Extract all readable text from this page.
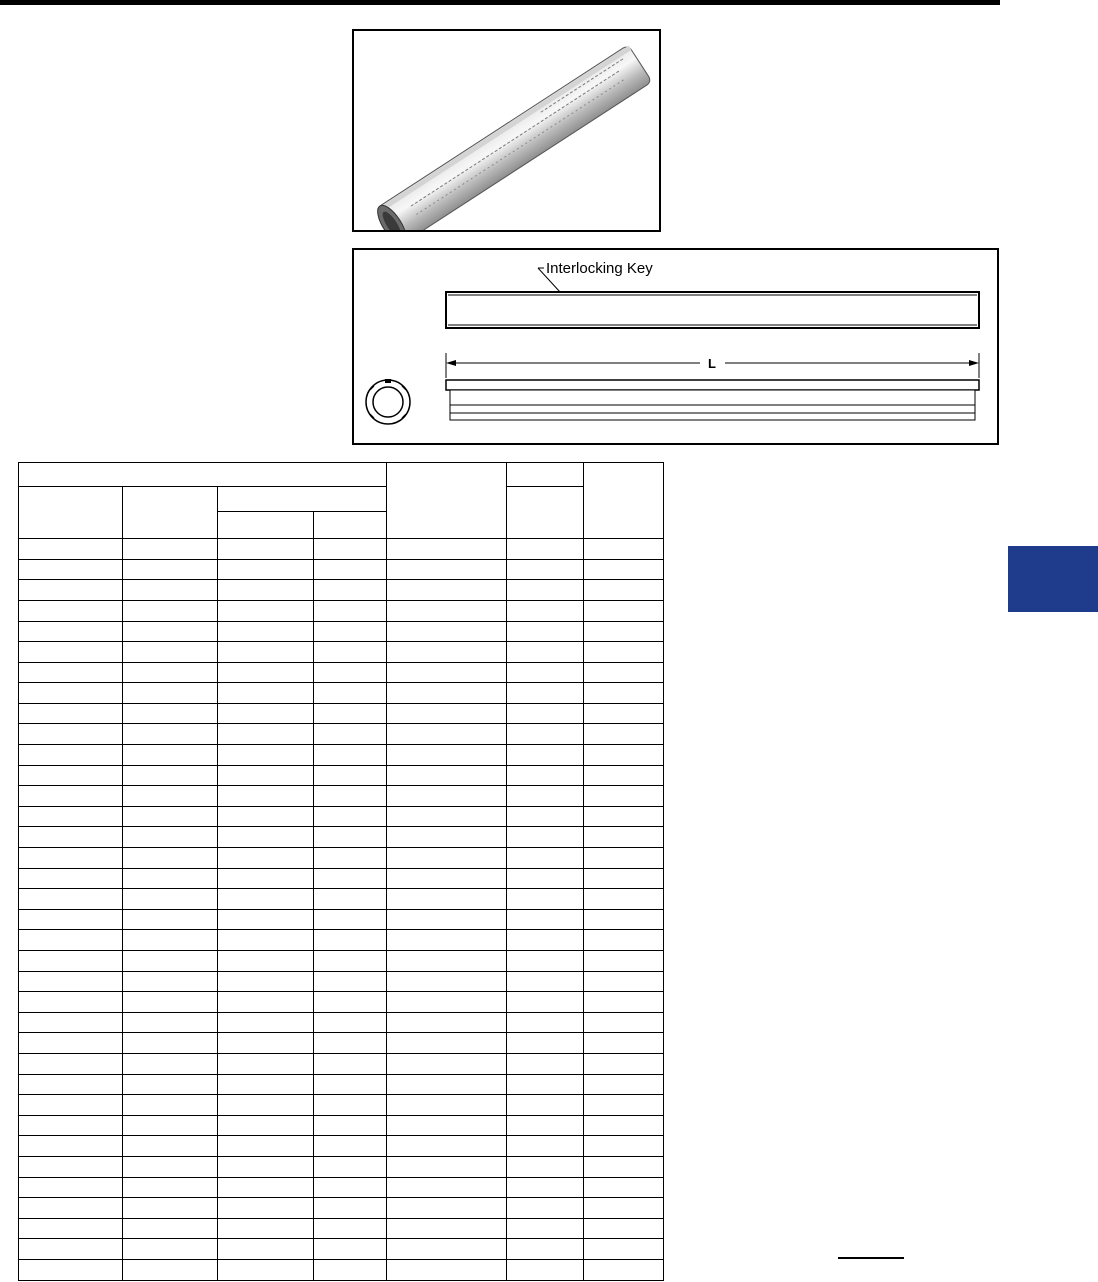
Interlocking Key
L
